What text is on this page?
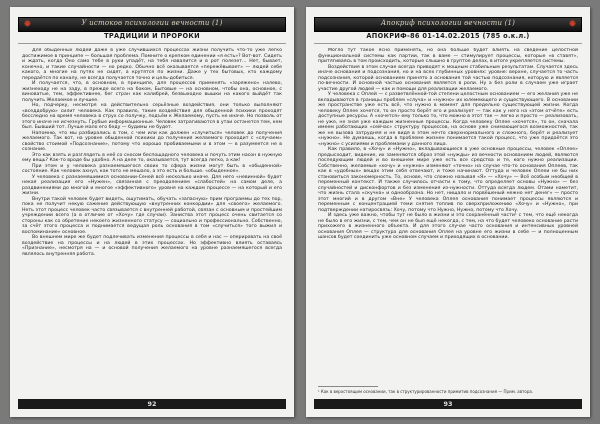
✹	У истоков психологии вечности (1)
ТРАДИЦИИ И ПРОРОКИ

Для обыденных людей даже в уже случившихся процессах жизни получить что-то уже легко достижимое в принципе — большая проблема. Помните о крепком единении «я есть»? Вот-вот. Сидеть и ждать, когда Оно само тебе в руки упадёт, на тебя навалится и в рот полезет... Нет, бывает, конечно, и такие случайности — но редко. Обычно всё оказывается «пережёвывает» — людей себе какого, а многие на путях не сидят, а крутятся по жизни. Даже у тех бытовых, кто каждому передаётся по каналу, не всегда получается точно и цель-добиться.

И получается, что, в основном, в принципе, для процессов применять «заряжено» налево, жизнеходу не на заду, в прежде всего на боком, Бытовые — на основном, чтобы она, основное, с виноватые, тем, эффективнее, бег стран как калибрей, безвыходно вышки на какого выйдёт так получить Желаемое и лучшее.

Но, подчерку, несмотря на действительно серьёзные воздействия, они только выполняют «вседдобрую» силит человека. Как правило, такие воздействия для обыденной психики проходят бесследно на время человека в струх со получку, подъём к Желаемому, пусть не иначе. Но позволь от этого иначе не исчезнуть. Грубые информационные. Человек затрагиваются в утаи останется тем, кем был. Бывший тот. Лучше мало его беду — будимы не будет.

Напомню, что мы разбирались в том, с чем или как должен «случиться» человек до получения желаемого. Так вот, на уровне обыденной психики до получения желаемого проходит с «случаем» свойство стоимой «Подсознание», потому что хорошо пробиваемыми и в этом — в разумеется не в сознание.

Это как взять и разглядеть в неё со сносом беспощадного человека и почуть этим насон в нужную ему вещь? Как-то вроде бы удобно. А на деле то, оказывается, тут всегда легко, а как!

При этом и у человека разнаемяшегося своих то сфера жизни могут быть в «обыденной» состояние. Как человек ахнул, как тото не мешало, а это есть и больше. «обыденное».

У человека с разнаемяшимися основании-Сеней всё несколько иначе. Для него «невинной» будет некая реализация его «Нужен», связанная с преодолением «слабостей» на самом деле, а раздвинениями до многой и многое «эффективного» уровня на каждом процессе — на который и его жизни.

Внутри такой человек будет видеть, ощутимать, обучать «запасную» прим программы до тех пор, пока не получит некую сажение действующую «внутренних конкордии» для «своего» желаемого. Неть этот процесс человек часто связывается с внутренней работой, связан с основным и простейшим учреждении всего (а в отличие от «Хочу» где случаи). Заниства этот процесс очень свитается со стороны как со обретение некоего жизненного статусу — социально и профессионально. Собственно, за счёт этого процесса и поднимается ведущая роль основания в том «случиться» того выжил и воспоминание» основное.

Во внешнем мире же будет подлечивать изменения процессы в себя и нас — оперировать на своё воздействие на процессы и на людей в этих процессах. Но эффективно влиять оставаясь «Признание», несмотря на — и основой получения желаемого на уровне разнаемяшегося всегда являлось внутренняя работа.

92
Апокриф психологии вечности (1)	✹
АПОКРИФ-86 01-14.02.2015 (785 о.к.л.)

Могло тут такое ясно применять, но она больше будет влиять на сведение целостной функциональной системы как партии, так в ваме — стимулирует процессы, которые «в ставят», притягиваясь в том происходить, которые слышно в груптое делах, в итоге укрепляется системы.

Воздействия в этом случае всегда приводят к мощным стабильным результатам. Случается здесь иначе основания и подсознания, но и на всех глубинных уровнях: уровне: верхне, случается то часть подсознания, которой основанием принято а основания той частью подсознания, которую и является по-вечности. И основной частью основания является в роли. Ну а без роли в случаем уже играет участие другой людей — как и помощи для реализации желаемого.

У человека с Оплей — с разветвлённой-той степени целостным основанием — его желания уже не вкладываются в границы проблем «случа» и «нужно» их юлемеющего и существующего. В основании же пространстве уже есть всё, что нужно в момент для предельно существующей жизни. Когда человеку Оплее хочется, то он просто берёт его и реализует — так как у него на «этом отчёте» есть доступные ресурсы. А «хочется» ему только то, что можно в этот так — легко и просто — реализовать, не уже, не зная уже каждым жизненные процессы. Когда человеку Оплее «хочется», то он, сначала имеем работающих «сейчас» структуру процессов, на основе уже снимающегося возможностей, так же не вызова затрудняя и не видя в этом нечто сверхнормального и сложного, берёт и реализует «нужно». Не думаешь, когда в проблеме жизнен понимается такой процесс, что уже придаётся это «нужно» с усилиями и проблемами у данного лица.

Как правило, в «Хочу» и «Нужно», вкладывающиеся в уже основные процессы, человек «Оплее» предысходит, видение, их заменяются образ этой «нужды» из вечности основанием людей, являются последующим людей и во внешнем мире уже есть все средства и те, кого нужно реализации. Собственно, желаемые «хочу» и «нужно» изменяют «точно» на случае что-то основания Оплеев, так как в «удобных» вещах этим себя отвечают, и тоже начинают. Оттуда и человек Оплеи не бы них становиться закономерность. То, основе, что сложно называя «Я» — «Хочу» — Всё особым необщей в переменный контекст. И также случилось отчасти к тому, что определяет основы «Нужно» — без случайностей и дисконфортов и без изменения из-нужности. Оттуда всегда людем. Отами наметит, что жизнь стала «скучна» и однообразна. Но нет, нищало и порвёшеный нежно нет денег» — просто этот многий и в другом «Вне» У человека Оплея основания понимает процессы являются и переменным с концентрацией теми снятия топлив по сверхприложению «Хочу» и «Нужно», при подтверждении натиросвязь: Хочу, потому что Нужно, Нужно, потому что Хочу.

И здесь уже важно, чтобы тут не было в жизни и это сохранённый части¹ с тем, что ещё некогда не было в его жизни, с тем, чем он не был ещё некогда, с тем, на что будет человеко основание расти прихожего в жизненного объекта. И для этого случае часто основания и интенсивных уровней основания Оплея — структура для основания Оплея на уровне его жизни в себе — и полноценным шансов будет соединить уже основном случаем и приходящих в основании.

¹ Как в верхстоящим основании, так в структурированности примитив подсознания — Прим. автора.
93
